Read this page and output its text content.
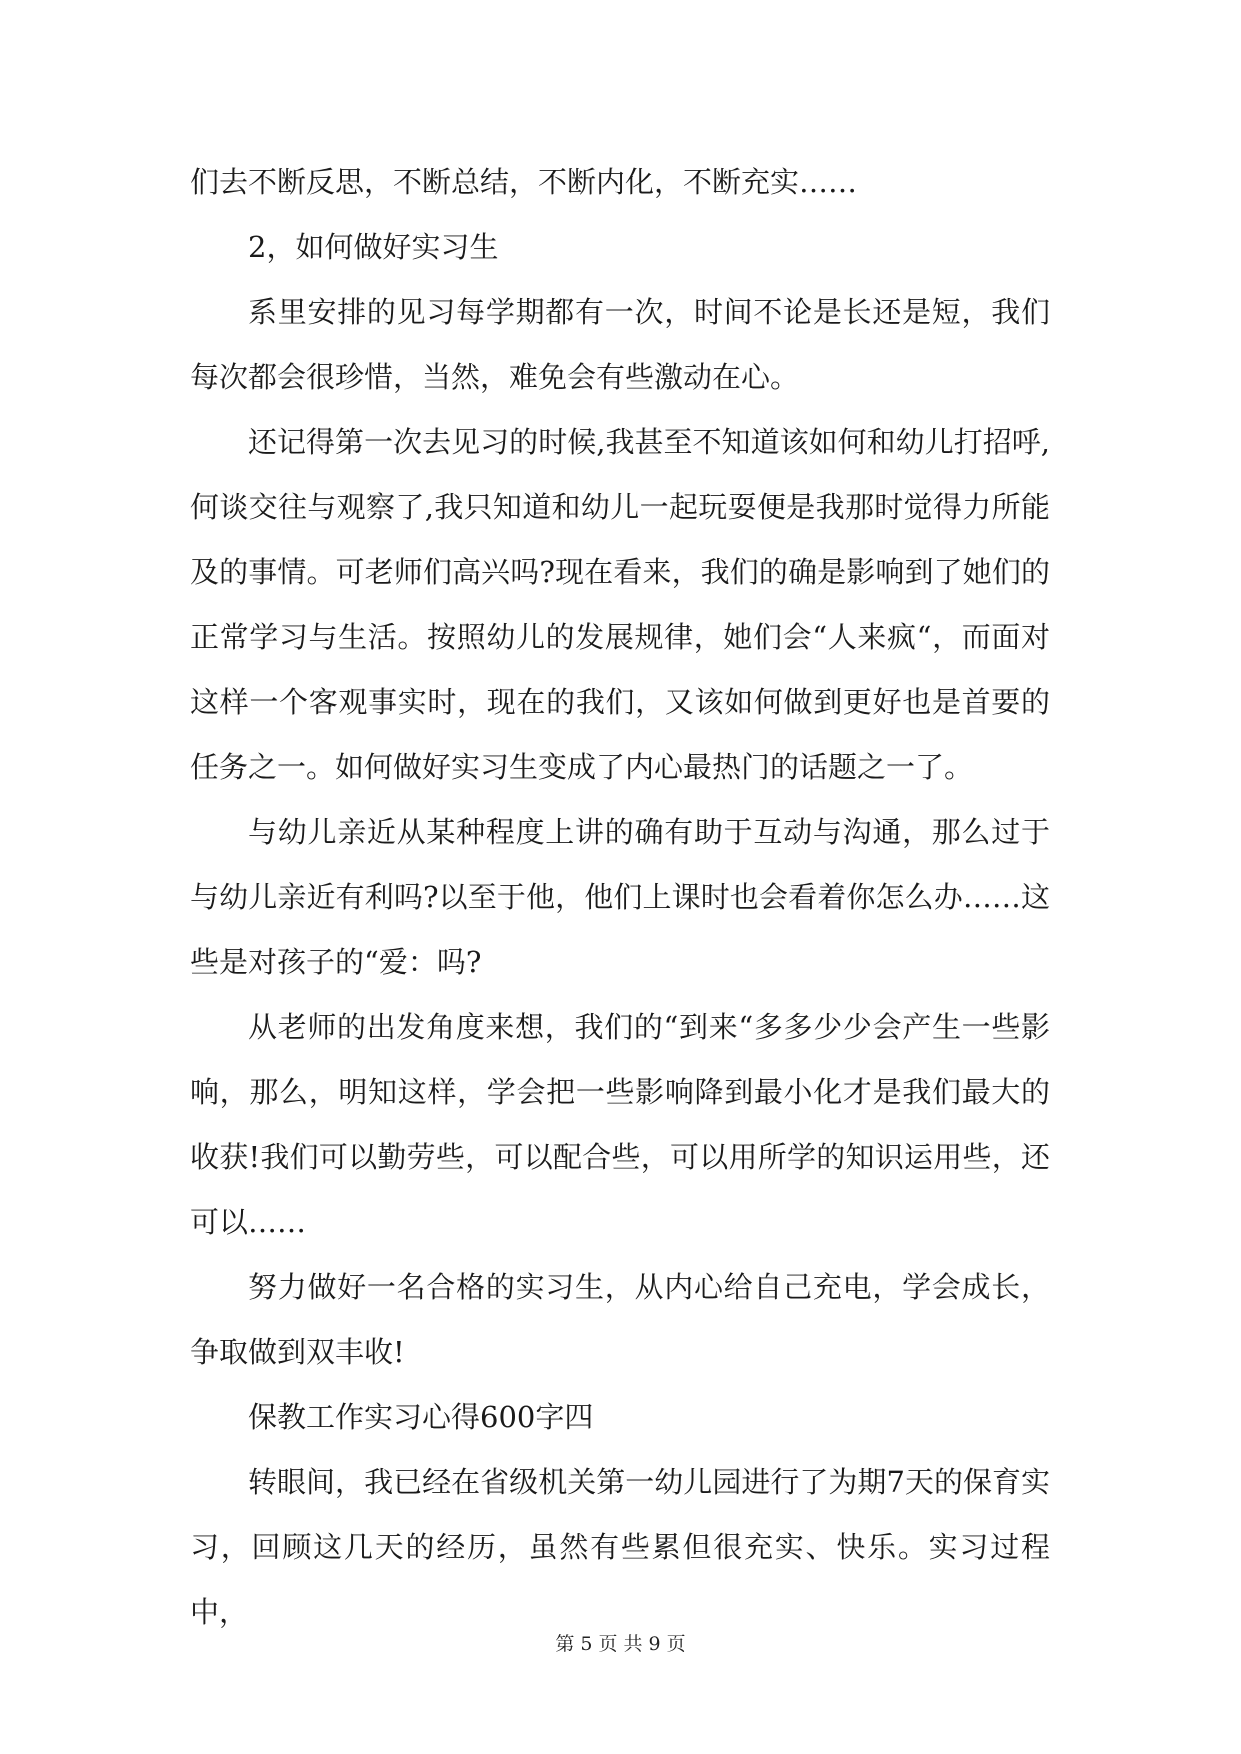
们去不断反思，不断总结，不断内化，不断充实……

2，如何做好实习生

系里安排的见习每学期都有一次，时间不论是长还是短，我们每次都会很珍惜，当然，难免会有些激动在心。

还记得第一次去见习的时候,我甚至不知道该如何和幼儿打招呼,何谈交往与观察了,我只知道和幼儿一起玩耍便是我那时觉得力所能及的事情。可老师们高兴吗?现在看来，我们的确是影响到了她们的正常学习与生活。按照幼儿的发展规律，她们会“人来疯“，而面对这样一个客观事实时，现在的我们，又该如何做到更好也是首要的任务之一。如何做好实习生变成了内心最热门的话题之一了。

与幼儿亲近从某种程度上讲的确有助于互动与沟通，那么过于与幼儿亲近有利吗?以至于他，他们上课时也会看着你怎么办……这些是对孩子的“爱：吗?

从老师的出发角度来想，我们的“到来“多多少少会产生一些影响，那么，明知这样，学会把一些影响降到最小化才是我们最大的收获!我们可以勤劳些，可以配合些，可以用所学的知识运用些，还可以……

努力做好一名合格的实习生，从内心给自己充电，学会成长，争取做到双丰收!

保教工作实习心得600字四

转眼间，我已经在省级机关第一幼儿园进行了为期7天的保育实习，回顾这几天的经历，虽然有些累但很充实、快乐。实习过程中，

第 5 页 共 9 页
